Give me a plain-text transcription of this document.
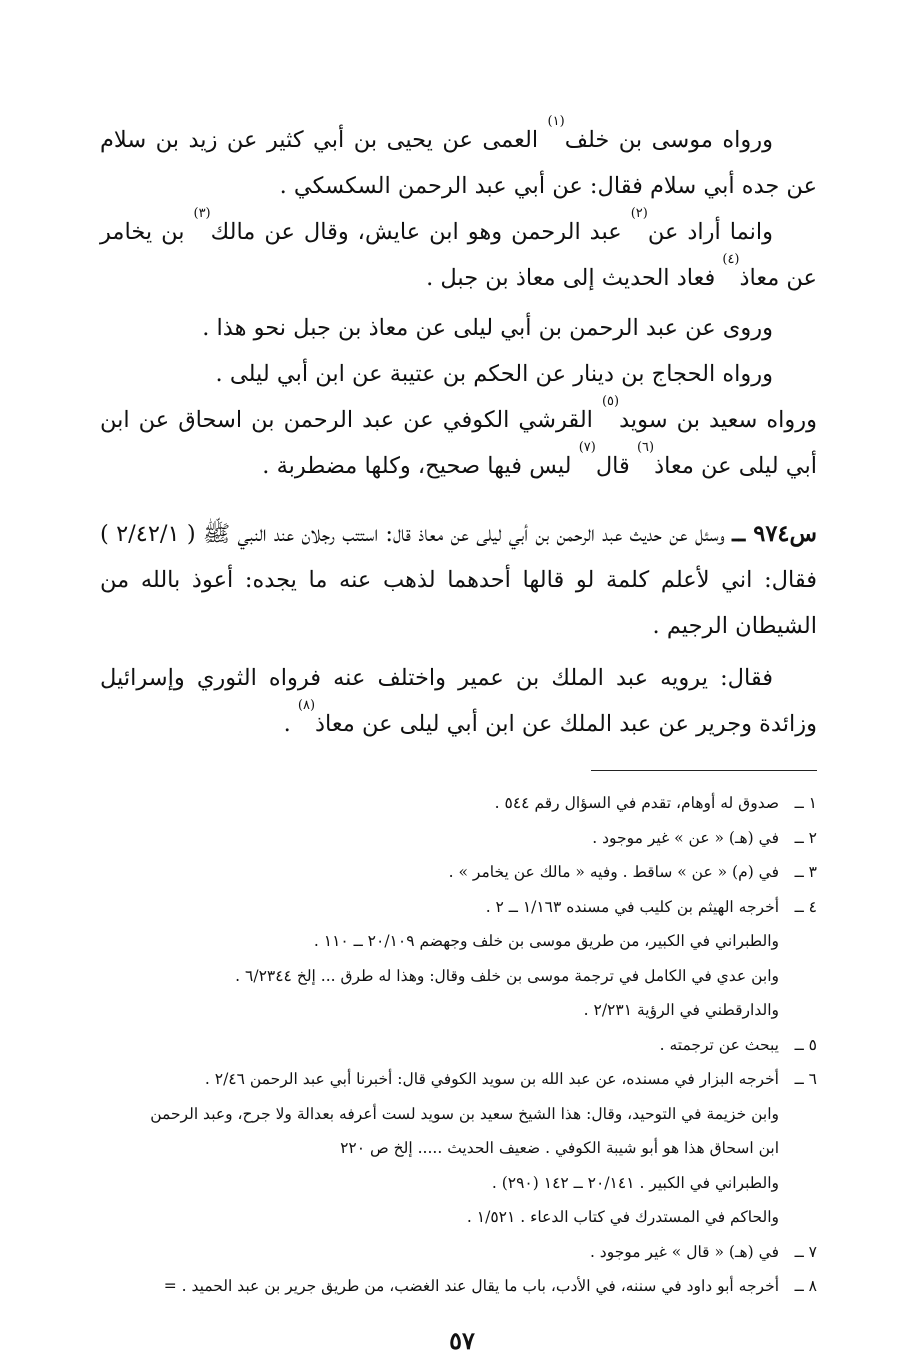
ورواه موسى بن خلف$^{(١)}$ العمى عن يحيى بن أبي كثير عن زيد بن سلام عن جده أبي سلام فقال: عن أبي عبد الرحمن السكسكي .

وانما أراد عن$^{(٢)}$ عبد الرحمن وهو ابن عايش، وقال عن مالك$^{(٣)}$ بن يخامر عن معاذ$^{(٤)}$ فعاد الحديث إلى معاذ بن جبل .

وروى عن عبد الرحمن بن أبي ليلى عن معاذ بن جبل نحو هذا .

ورواه الحجاج بن دينار عن الحكم بن عتيبة عن ابن أبي ليلى .

ورواه سعيد بن سويد$^{(٥)}$ القرشي الكوفي عن عبد الرحمن بن اسحاق عن ابن أبي ليلى عن معاذ$^{(٦)}$ قال$^{(٧)}$ ليس فيها صحيح، وكلها مضطربة .

س٩٧٤ ــ وسئل عن حديث عبد الرحمن بن أبي ليلى عن معاذ قال: استتب رجلان عند النبي ﷺ ( ٢/٤٢/١ ) فقال: اني لأعلم كلمة لو قالها أحدهما لذهب عنه ما يجده: أعوذ بالله من الشيطان الرجيم .

فقال: يرويه عبد الملك بن عمير واختلف عنه فرواه الثوري وإسرائيل وزائدة وجرير عن عبد الملك عن ابن أبي ليلى عن معاذ$^{(٨)}$ .

١ ــ
صدوق له أوهام، تقدم في السؤال رقم ٥٤٤ .
٢ ــ
في (هـ) « عن » غير موجود .
٣ ــ
في (م) « عن » ساقط . وفيه « مالك عن يخامر » .
٤ ــ
أخرجه الهيثم بن كليب في مسنده ١/١٦٣ ــ ٢ .
والطبراني في الكبير، من طريق موسى بن خلف وجهضم ٢٠/١٠٩ ــ ١١٠ .
وابن عدي في الكامل في ترجمة موسى بن خلف وقال: وهذا له طرق ... إلخ ٦/٢٣٤٤ .
والدارقطني في الرؤية ٢/٢٣١ .
٥ ــ
يبحث عن ترجمته .
٦ ــ
أخرجه البزار في مسنده، عن عبد الله بن سويد الكوفي قال: أخبرنا أبي عبد الرحمن ٢/٤٦ .
وابن خزيمة في التوحيد، وقال: هذا الشيخ سعيد بن سويد لست أعرفه بعدالة ولا جرح، وعبد الرحمن
ابن اسحاق هذا هو أبو شيبة الكوفي . ضعيف الحديث ..... إلخ ص ٢٢٠
والطبراني في الكبير . ٢٠/١٤١ ــ ١٤٢ (٢٩٠) .
والحاكم في المستدرك في كتاب الدعاء . ١/٥٢١ .
٧ ــ
في (هـ) « قال » غير موجود .
٨ ــ
أخرجه أبو داود في سننه، في الأدب، باب ما يقال عند الغضب، من طريق جرير بن عبد الحميد . =
٥٧
